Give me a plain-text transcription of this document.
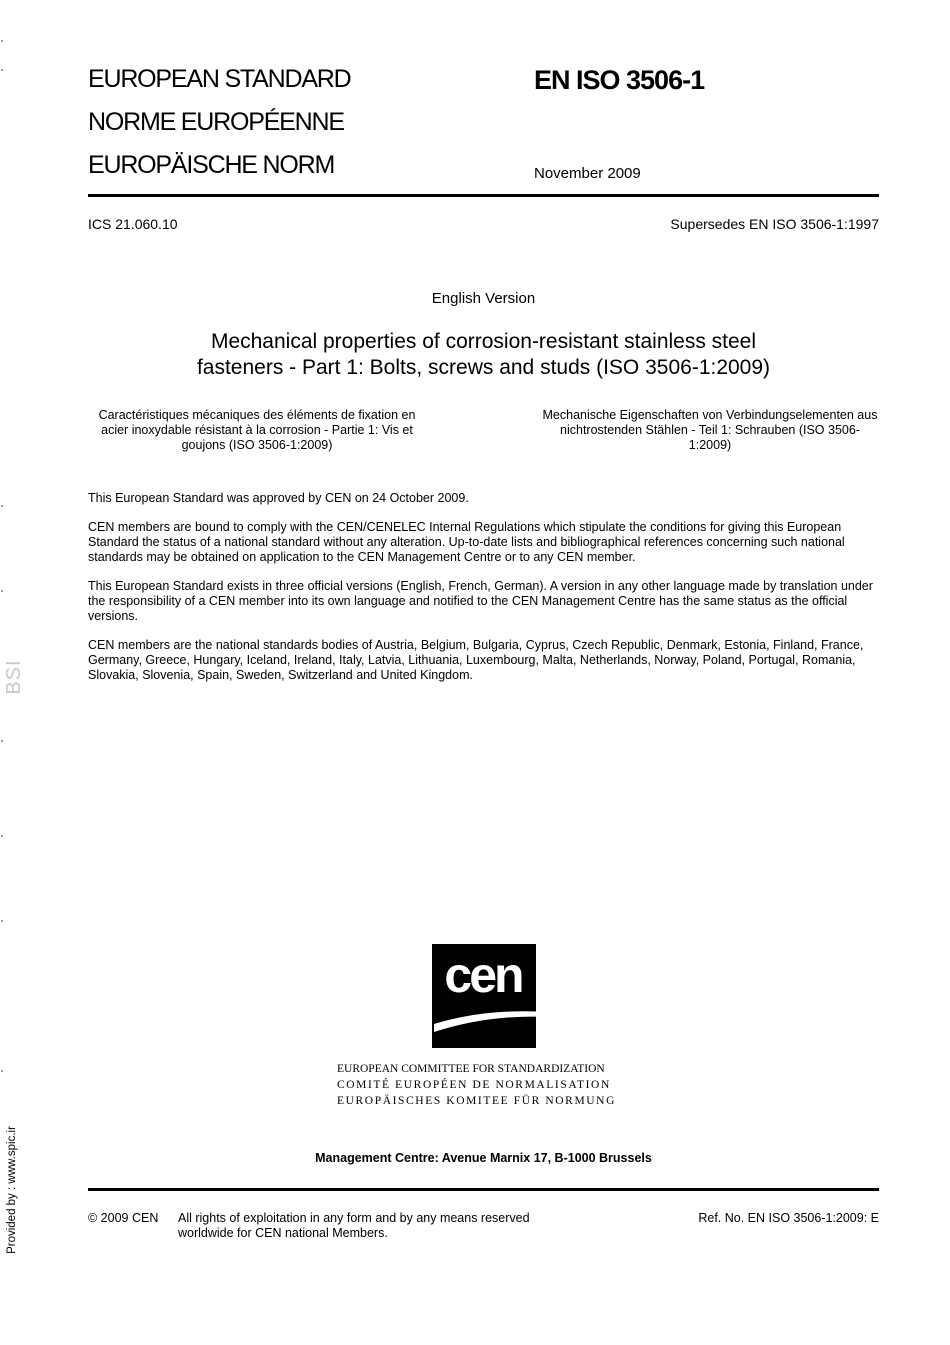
BSI
Provided by : www.spic.ir
EUROPEAN STANDARD
NORME EUROPÉENNE
EUROPÄISCHE NORM
EN ISO 3506-1
November 2009
ICS 21.060.10	Supersedes EN ISO 3506-1:1997
English Version
Mechanical properties of corrosion-resistant stainless steel
fasteners - Part 1: Bolts, screws and studs (ISO 3506-1:2009)
Caractéristiques mécaniques des éléments de fixation en acier inoxydable résistant à la corrosion - Partie 1: Vis et goujons (ISO 3506-1:2009)
Mechanische Eigenschaften von Verbindungselementen aus nichtrostenden Stählen - Teil 1: Schrauben (ISO 3506-1:2009)
This European Standard was approved by CEN on 24 October 2009.
CEN members are bound to comply with the CEN/CENELEC Internal Regulations which stipulate the conditions for giving this European Standard the status of a national standard without any alteration. Up-to-date lists and bibliographical references concerning such national standards may be obtained on application to the CEN Management Centre or to any CEN member.
This European Standard exists in three official versions (English, French, German). A version in any other language made by translation under the responsibility of a CEN member into its own language and notified to the CEN Management Centre has the same status as the official versions.
CEN members are the national standards bodies of Austria, Belgium, Bulgaria, Cyprus, Czech Republic, Denmark, Estonia, Finland, France, Germany, Greece, Hungary, Iceland, Ireland, Italy, Latvia, Lithuania, Luxembourg, Malta, Netherlands, Norway, Poland, Portugal, Romania, Slovakia, Slovenia, Spain, Sweden, Switzerland and United Kingdom.
cen
EUROPEAN COMMITTEE FOR STANDARDIZATION
COMITÉ EUROPÉEN DE NORMALISATION
EUROPÄISCHES KOMITEE FÜR NORMUNG
Management Centre: Avenue Marnix 17, B-1000 Brussels
© 2009 CEN All rights of exploitation in any form and by any means reserved worldwide for CEN national Members.
Ref. No. EN ISO 3506-1:2009: E
